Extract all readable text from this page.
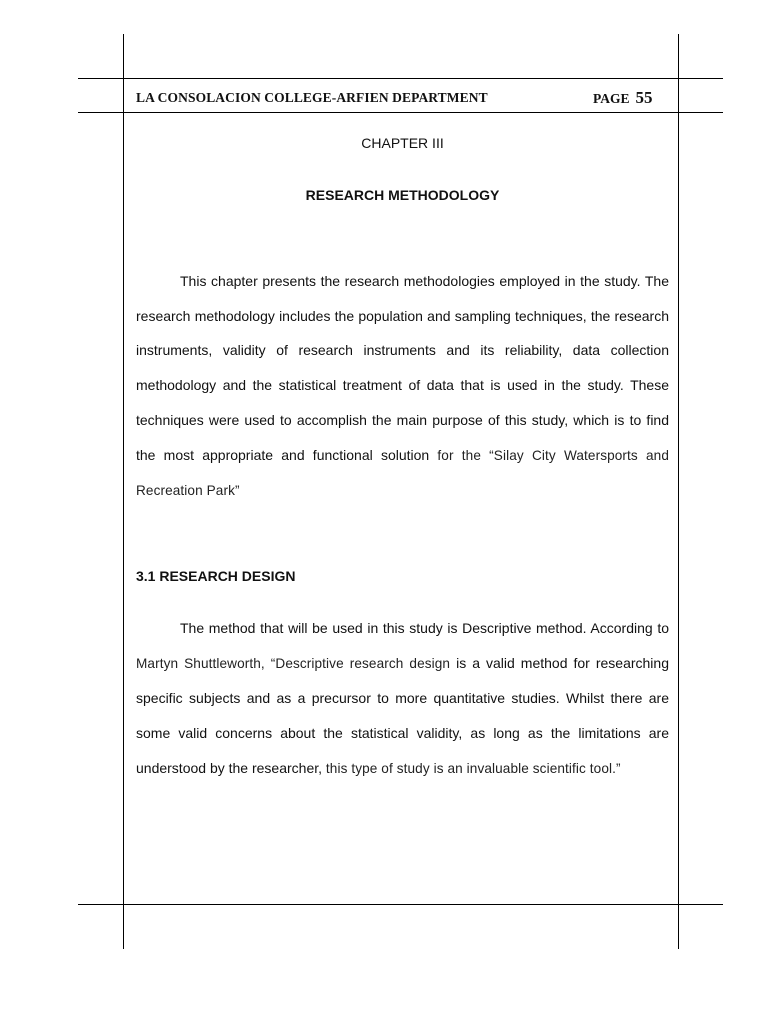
LA CONSOLACION COLLEGE-ARFIEN DEPARTMENT	PAGE 55
CHAPTER III
RESEARCH METHODOLOGY

This chapter presents the research methodologies employed in the study. The research methodology includes the population and sampling techniques, the research instruments, validity of research instruments and its reliability, data collection methodology and the statistical treatment of data that is used in the study. These techniques were used to accomplish the main purpose of this study, which is to find the most appropriate and functional solution for the “Silay City Watersports and Recreation Park”

3.1 RESEARCH DESIGN

The method that will be used in this study is Descriptive method. According to Martyn Shuttleworth, “Descriptive research design is a valid method for researching specific subjects and as a precursor to more quantitative studies. Whilst there are some valid concerns about the statistical validity, as long as the limitations are understood by the researcher, this type of study is an invaluable scientific tool.”
